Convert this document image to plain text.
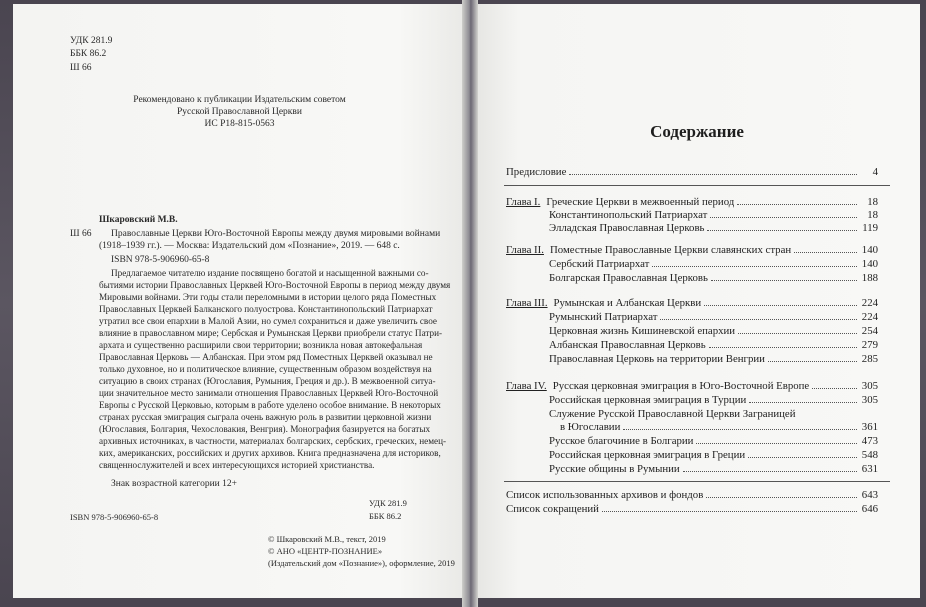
УДК 281.9
ББК 86.2
Ш 66
Рекомендовано к публикации Издательским советом
Русской Православной Церкви
ИС Р18-815-0563
Шкаровский М.В.
Ш 66 Православные Церкви Юго-Восточной Европы между двумя мировыми войнами
(1918–1939 гг.). — Москва: Издательский дом «Познание», 2019. — 648 с.
ISBN 978-5-906960-65-8
Предлагаемое читателю издание посвящено богатой и насыщенной важными со-
бытиями истории Православных Церквей Юго-Восточной Европы в период между двумя
Мировыми войнами. Эти годы стали переломными в истории целого ряда Поместных
Православных Церквей Балканского полуострова. Константинопольский Патриархат
утратил все свои епархии в Малой Азии, но сумел сохраниться и даже увеличить свое
влияние в православном мире; Сербская и Румынская Церкви приобрели статус Патри-
архата и существенно расширили свои территории; возникла новая автокефальная
Православная Церковь — Албанская. При этом ряд Поместных Церквей оказывал не
только духовное, но и политическое влияние, существенным образом воздействуя на
ситуацию в своих странах (Югославия, Румыния, Греция и др.). В межвоенной ситуа-
ции значительное место занимали отношения Православных Церквей Юго-Восточной
Европы с Русской Церковью, которым в работе уделено особое внимание. В некоторых
странах русская эмиграция сыграла очень важную роль в развитии церковной жизни
(Югославия, Болгария, Чехословакия, Венгрия). Монография базируется на богатых
архивных источниках, в частности, материалах болгарских, сербских, греческих, немец-
ких, американских, российских и других архивов. Книга предназначена для историков,
священнослужителей и всех интересующихся историей христианства.
Знак возрастной категории 12+
ISBN 978-5-906960-65-8
УДК 281.9
ББК 86.2
© Шкаровский М.В., текст, 2019
© АНО «ЦЕНТР-ПОЗНАНИЕ»
(Издательский дом «Познание»), оформление, 2019
Содержание
Предисловие	4
Глава I. Греческие Церкви в межвоенный период	18
Константинопольский Патриархат	18
Элладская Православная Церковь	119
Глава II. Поместные Православные Церкви славянских стран	140
Сербский Патриархат	140
Болгарская Православная Церковь	188
Глава III. Румынская и Албанская Церкви	224
Румынский Патриархат	224
Церковная жизнь Кишиневской епархии	254
Албанская Православная Церковь	279
Православная Церковь на территории Венгрии	285
Глава IV. Русская церковная эмиграция в Юго-Восточной Европе	305
Российская церковная эмиграция в Турции	305
Служение Русской Православной Церкви Заграницей
в Югославии	361
Русское благочиние в Болгарии	473
Российская церковная эмиграция в Греции	548
Русские общины в Румынии	631
Список использованных архивов и фондов	643
Список сокращений	646
